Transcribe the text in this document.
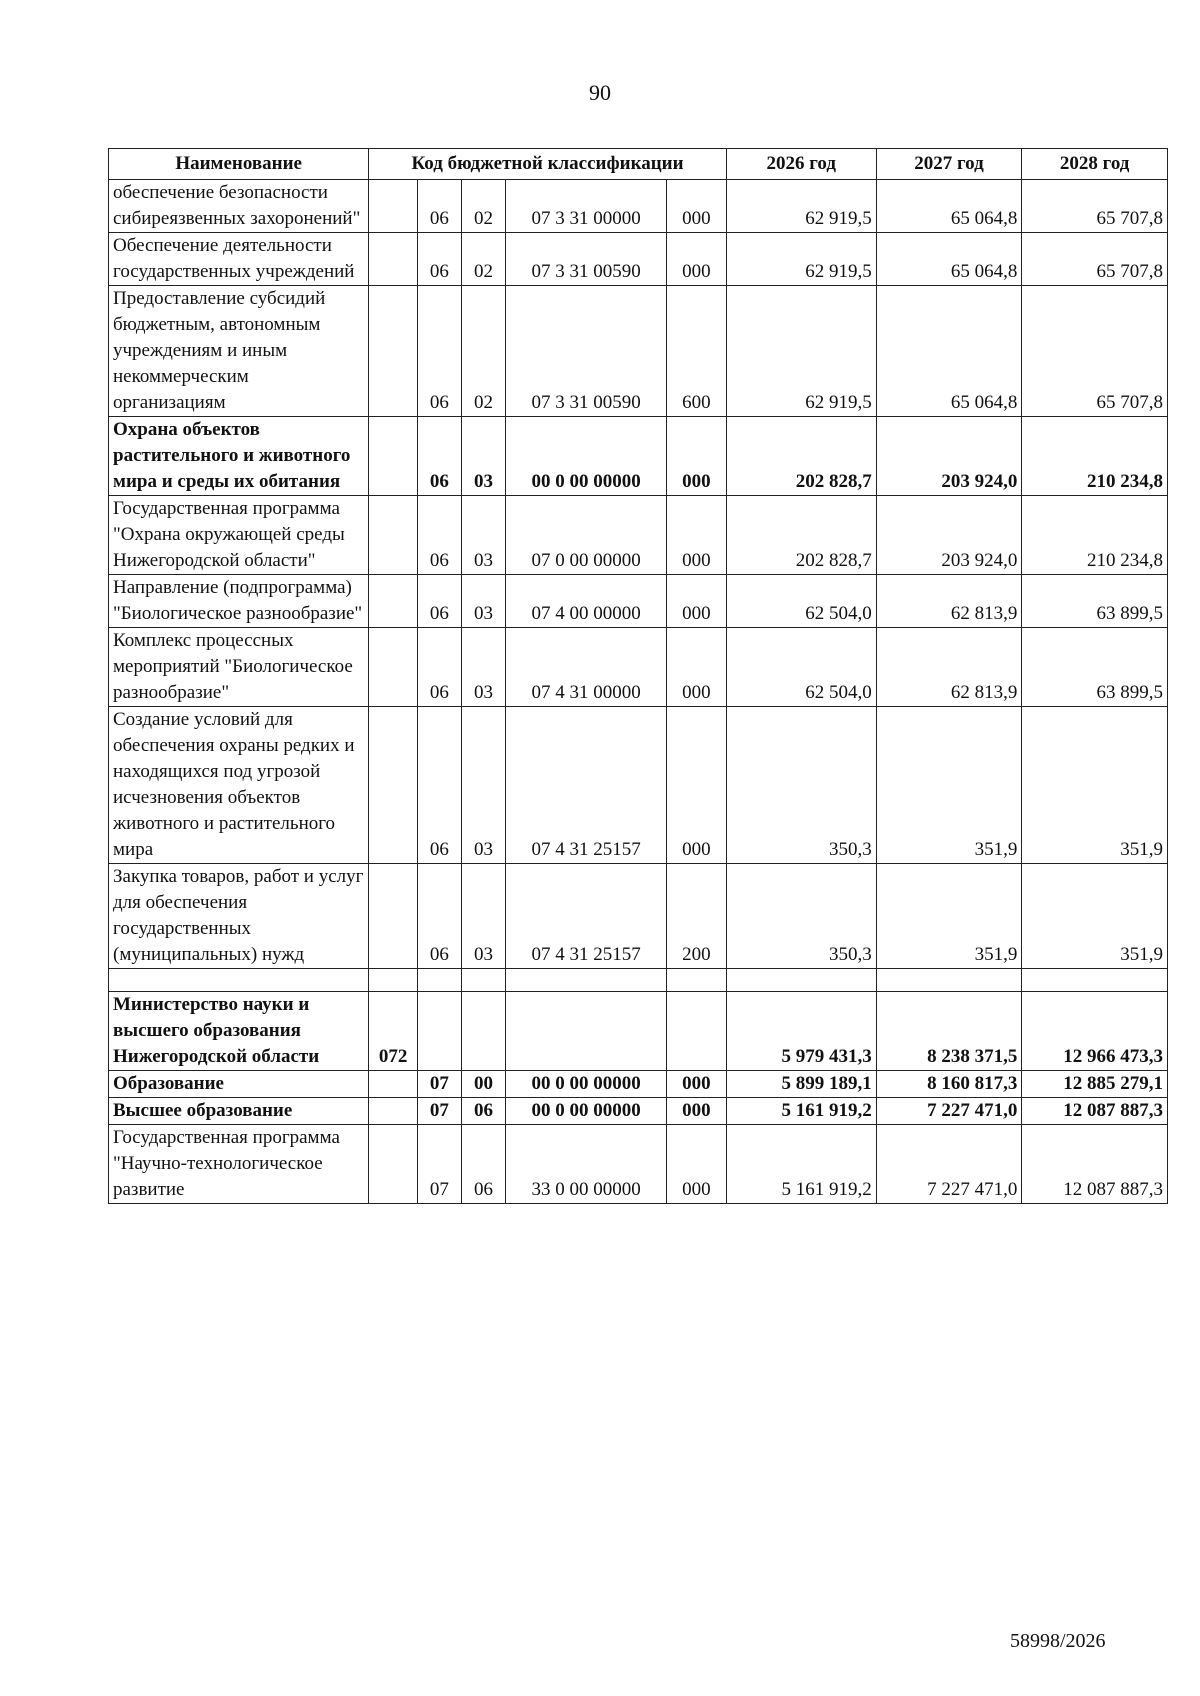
90
Наименование	Код бюджетной классификации					2026 год	2027 год	2028 год
обеспечение безопасности сибиреязвенных захоронений"		06	02	07 3 31 00000	000	62 919,5	65 064,8	65 707,8
Обеспечение деятельности государственных учреждений		06	02	07 3 31 00590	000	62 919,5	65 064,8	65 707,8
Предоставление субсидий бюджетным, автономным учреждениям и иным некоммерческим организациям		06	02	07 3 31 00590	600	62 919,5	65 064,8	65 707,8
Охрана объектов растительного и животного мира и среды их обитания		06	03	00 0 00 00000	000	202 828,7	203 924,0	210 234,8
Государственная программа "Охрана окружающей среды Нижегородской области"		06	03	07 0 00 00000	000	202 828,7	203 924,0	210 234,8
Направление (подпрограмма) "Биологическое разнообразие"		06	03	07 4 00 00000	000	62 504,0	62 813,9	63 899,5
Комплекс процессных мероприятий "Биологическое разнообразие"		06	03	07 4 31 00000	000	62 504,0	62 813,9	63 899,5
Создание условий для обеспечения охраны редких и находящихся под угрозой исчезновения объектов животного и растительного мира		06	03	07 4 31 25157	000	350,3	351,9	351,9
Закупка товаров, работ и услуг для обеспечения государственных (муниципальных) нужд		06	03	07 4 31 25157	200	350,3	351,9	351,9

Министерство науки и высшего образования Нижегородской области	072					5 979 431,3	8 238 371,5	12 966 473,3
Образование		07	00	00 0 00 00000	000	5 899 189,1	8 160 817,3	12 885 279,1
Высшее образование		07	06	00 0 00 00000	000	5 161 919,2	7 227 471,0	12 087 887,3
Государственная программа "Научно-технологическое развитие		07	06	33 0 00 00000	000	5 161 919,2	7 227 471,0	12 087 887,3
58998/2026
